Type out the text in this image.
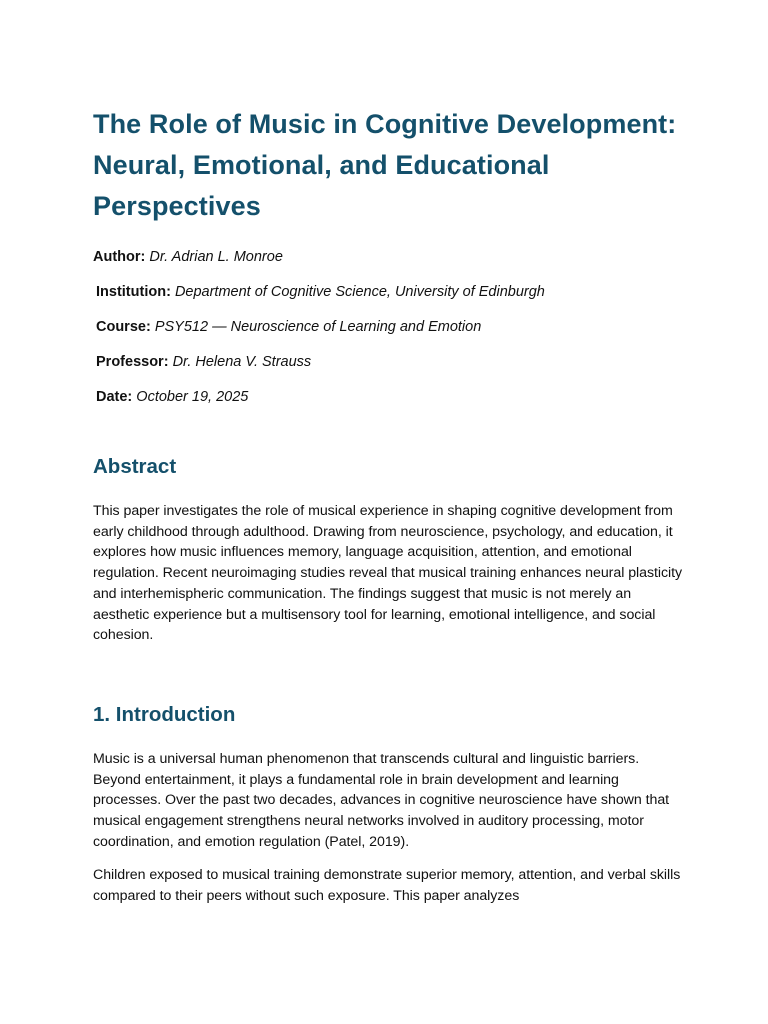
The Role of Music in Cognitive Development: Neural, Emotional, and Educational Perspectives

Author: Dr. Adrian L. Monroe

Institution: Department of Cognitive Science, University of Edinburgh

Course: PSY512 — Neuroscience of Learning and Emotion

Professor: Dr. Helena V. Strauss

Date: October 19, 2025

Abstract

This paper investigates the role of musical experience in shaping cognitive development from early childhood through adulthood. Drawing from neuroscience, psychology, and education, it explores how music influences memory, language acquisition, attention, and emotional regulation. Recent neuroimaging studies reveal that musical training enhances neural plasticity and interhemispheric communication. The findings suggest that music is not merely an aesthetic experience but a multisensory tool for learning, emotional intelligence, and social cohesion.

1. Introduction

Music is a universal human phenomenon that transcends cultural and linguistic barriers. Beyond entertainment, it plays a fundamental role in brain development and learning processes. Over the past two decades, advances in cognitive neuroscience have shown that musical engagement strengthens neural networks involved in auditory processing, motor coordination, and emotion regulation (Patel, 2019).

Children exposed to musical training demonstrate superior memory, attention, and verbal skills compared to their peers without such exposure. This paper analyzes
